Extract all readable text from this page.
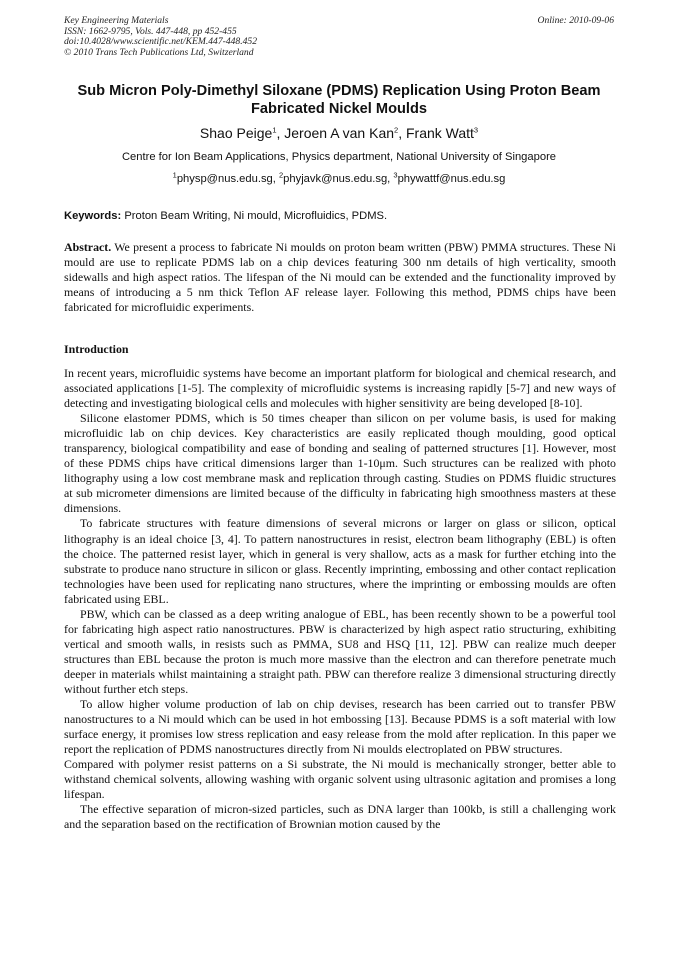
Key Engineering Materials
ISSN: 1662-9795, Vols. 447-448, pp 452-455
doi:10.4028/www.scientific.net/KEM.447-448.452
© 2010 Trans Tech Publications Ltd, Switzerland
Online: 2010-09-06
Sub Micron Poly-Dimethyl Siloxane (PDMS) Replication Using Proton Beam Fabricated Nickel Moulds
Shao Peige$^1$, Jeroen A van Kan$^2$, Frank Watt$^3$
Centre for Ion Beam Applications, Physics department, National University of Singapore
$^1$physp@nus.edu.sg, $^2$phyjavk@nus.edu.sg, $^3$phywattf@nus.edu.sg
Keywords: Proton Beam Writing, Ni mould, Microfluidics, PDMS.
Abstract. We present a process to fabricate Ni moulds on proton beam written (PBW) PMMA structures. These Ni mould are use to replicate PDMS lab on a chip devices featuring 300 nm details of high verticality, smooth sidewalls and high aspect ratios. The lifespan of the Ni mould can be extended and the functionality improved by means of introducing a 5 nm thick Teflon AF release layer. Following this method, PDMS chips have been fabricated for microfluidic experiments.
Introduction

In recent years, microfluidic systems have become an important platform for biological and chemical research, and associated applications [1-5]. The complexity of microfluidic systems is increasing rapidly [5-7] and new ways of detecting and investigating biological cells and molecules with higher sensitivity are being developed [8-10].

Silicone elastomer PDMS, which is 50 times cheaper than silicon on per volume basis, is used for making microfluidic lab on chip devices. Key characteristics are easily replicated though moulding, good optical transparency, biological compatibility and ease of bonding and sealing of patterned structures [1]. However, most of these PDMS chips have critical dimensions larger than 1-10μm. Such structures can be realized with photo lithography using a low cost membrane mask and replication through casting. Studies on PDMS fluidic structures at sub micrometer dimensions are limited because of the difficulty in fabricating high smoothness masters at these dimensions.

To fabricate structures with feature dimensions of several microns or larger on glass or silicon, optical lithography is an ideal choice [3, 4]. To pattern nanostructures in resist, electron beam lithography (EBL) is often the choice. The patterned resist layer, which in general is very shallow, acts as a mask for further etching into the substrate to produce nano structure in silicon or glass. Recently imprinting, embossing and other contact replication technologies have been used for replicating nano structures, where the imprinting or embossing moulds are often fabricated using EBL.

PBW, which can be classed as a deep writing analogue of EBL, has been recently shown to be a powerful tool for fabricating high aspect ratio nanostructures. PBW is characterized by high aspect ratio structuring, exhibiting vertical and smooth walls, in resists such as PMMA, SU8 and HSQ [11, 12]. PBW can realize much deeper structures than EBL because the proton is much more massive than the electron and can therefore penetrate much deeper in materials whilst maintaining a straight path. PBW can therefore realize 3 dimensional structuring directly without further etch steps.

To allow higher volume production of lab on chip devises, research has been carried out to transfer PBW nanostructures to a Ni mould which can be used in hot embossing [13]. Because PDMS is a soft material with low surface energy, it promises low stress replication and easy release from the mold after replication. In this paper we report the replication of PDMS nanostructures directly from Ni moulds electroplated on PBW structures.

Compared with polymer resist patterns on a Si substrate, the Ni mould is mechanically stronger, better able to withstand chemical solvents, allowing washing with organic solvent using ultrasonic agitation and promises a long lifespan.

The effective separation of micron-sized particles, such as DNA larger than 100kb, is still a challenging work and the separation based on the rectification of Brownian motion caused by the
